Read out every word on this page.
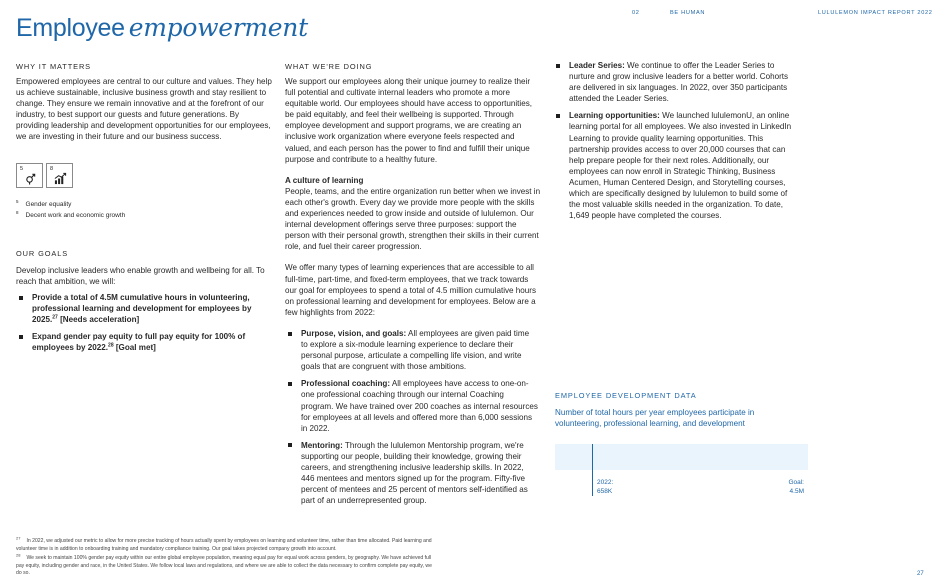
Employee empowerment	02	BE HUMAN	LULULEMON IMPACT REPORT 2022
WHY IT MATTERS

Empowered employees are central to our culture and values. They help us achieve sustainable, inclusive business growth and stay resilient to change. They ensure we remain innovative and at the forefront of our industry, to best support our guests and future generations. By providing leadership and development opportunities for our employees, we are investing in their future and our business success.

5	8
$^5$ Gender equality
$^8$ Decent work and economic growth
OUR GOALS

Develop inclusive leaders who enable growth and wellbeing for all. To reach that ambition, we will:

Provide a total of 4.5M cumulative hours in volunteering, professional learning and development for employees by 2025.27 [Needs acceleration]
Expand gender pay equity to full pay equity for 100% of employees by 2022.28 [Goal met]
WHAT WE'RE DOING

We support our employees along their unique journey to realize their full potential and cultivate internal leaders who promote a more equitable world. Our employees should have access to opportunities, be paid equitably, and feel their wellbeing is supported. Through employee development and support programs, we are creating an inclusive work organization where everyone feels respected and valued, and each person has the power to find and fulfill their unique purpose and contribute to a healthy future.

A culture of learning

People, teams, and the entire organization run better when we invest in each other's growth. Every day we provide more people with the skills and experiences needed to grow inside and outside of lululemon. Our internal development offerings serve three purposes: support the person with their personal growth, strengthen their skills in their current role, and fuel their career progression.

We offer many types of learning experiences that are accessible to all full-time, part-time, and fixed-term employees, that we track towards our goal for employees to spend a total of 4.5 million cumulative hours on professional learning and development for employees. Below are a few highlights from 2022:

Purpose, vision, and goals: All employees are given paid time to explore a six-module learning experience to declare their personal purpose, articulate a compelling life vision, and write goals that are congruent with those ambitions.
Professional coaching: All employees have access to one-on-one professional coaching through our internal Coaching program. We have trained over 200 coaches as internal resources for employees at all levels and offered more than 6,000 sessions in 2022.
Mentoring: Through the lululemon Mentorship program, we're supporting our people, building their knowledge, growing their careers, and strengthening inclusive leadership skills. In 2022, 446 mentees and mentors signed up for the program. Fifty-five percent of mentees and 25 percent of mentors self-identified as part of an underrepresented group.
Leader Series: We continue to offer the Leader Series to nurture and grow inclusive leaders for a better world. Cohorts are delivered in six languages. In 2022, over 350 participants attended the Leader Series.
Learning opportunities: We launched lululemonU, an online learning portal for all employees. We also invested in LinkedIn Learning to provide quality learning opportunities. This partnership provides access to over 20,000 courses that can help prepare people for their next roles. Additionally, our employees can now enroll in Strategic Thinking, Business Acumen, Human Centered Design, and Storytelling courses, which are specifically designed by lululemon to build some of the most valuable skills needed in the organization. To date, 1,649 people have completed the courses.
EMPLOYEE DEVELOPMENT DATA
Number of total hours per year employees participate in volunteering, professional learning, and development
2022:
658K
Goal:
4.5M
$^{27}$In 2022, we adjusted our metric to allow for more precise tracking of hours actually spent by employees on learning and volunteer time, rather than time allocated. Paid learning and volunteer time is in addition to onboarding training and mandatory compliance training. Our goal takes projected company growth into account.
$^{28}$We seek to maintain 100% gender pay equity within our entire global employee population, meaning equal pay for equal work across genders, by geography. We have achieved full pay equity, including gender and race, in the United States. We follow local laws and regulations, and where we are able to collect the data necessary to confirm complete pay equity, we do so.	27
